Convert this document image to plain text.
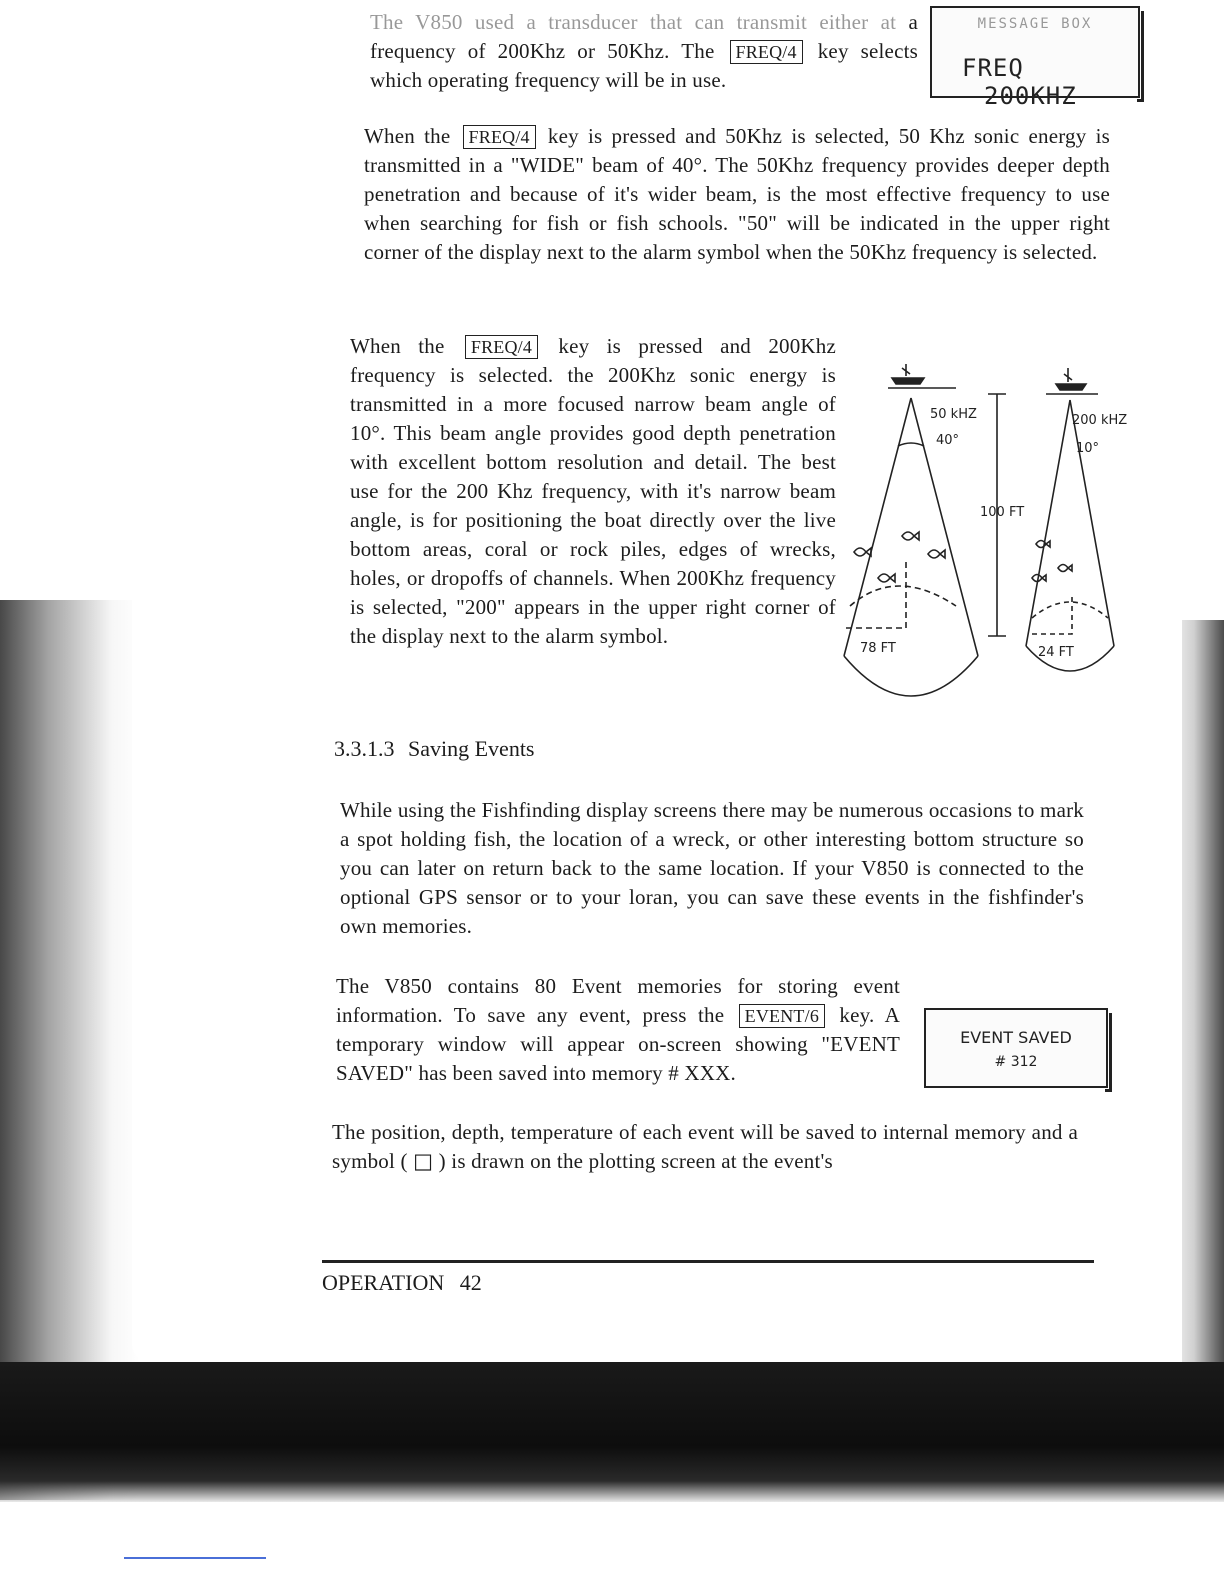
The V850 used a transducer that can transmit either at a frequency of 200Khz or 50Khz. The FREQ/4 key selects which operating frequency will be in use.

MESSAGE BOX
FREQ 200KHZ

When the FREQ/4 key is pressed and 50Khz is selected, 50 Khz sonic energy is transmitted in a "WIDE" beam of 40°. The 50Khz frequency provides deeper depth penetration and because of it's wider beam, is the most effective frequency to use when searching for fish or fish schools. "50" will be indicated in the upper right corner of the display next to the alarm symbol when the 50Khz frequency is selected.

When the FREQ/4 key is pressed and 200Khz frequency is selected. the 200Khz sonic energy is transmitted in a more focused narrow beam angle of 10°. This beam angle provides good depth penetration with excellent bottom resolution and detail. The best use for the 200 Khz frequency, with it's narrow beam angle, is for positioning the boat directly over the live bottom areas, coral or rock piles, edges of wrecks, holes, or dropoffs of channels. When 200Khz frequency is selected, "200" appears in the upper right corner of the display next to the alarm symbol.

50 kHZ
40°
100 FT
78 FT
200 kHZ
10°
24 FT
3.3.1.3 Saving Events

While using the Fishfinding display screens there may be numerous occasions to mark a spot holding fish, the location of a wreck, or other interesting bottom structure so you can later on return back to the same location. If your V850 is connected to the optional GPS sensor or to your loran, you can save these events in the fishfinder's own memories.

The V850 contains 80 Event memories for storing event information. To save any event, press the EVENT/6 key. A temporary window will appear on-screen showing "EVENT SAVED" has been saved into memory # XXX.

EVENT SAVED
# 312

The position, depth, temperature of each event will be saved to internal memory and a symbol ( □ ) is drawn on the plotting screen at the event's

OPERATION 42
